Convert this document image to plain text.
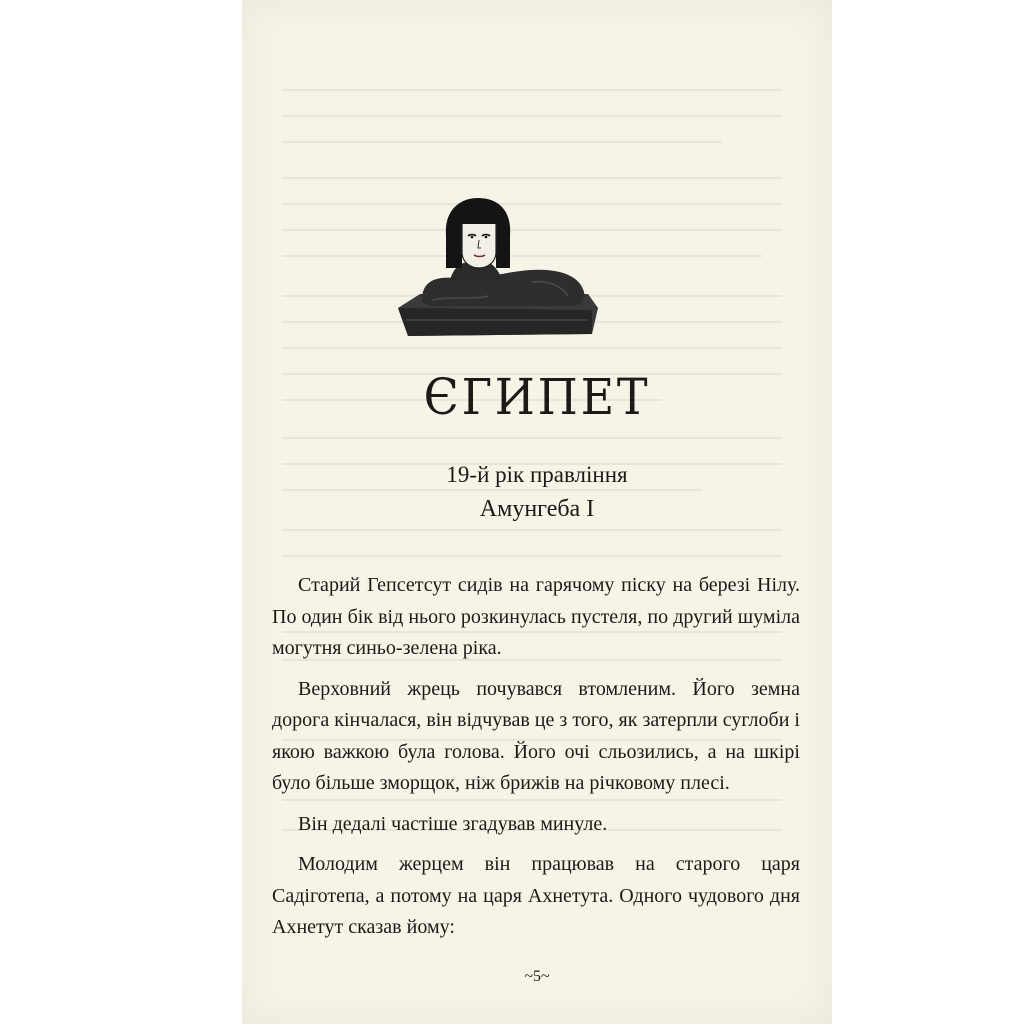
ЄГИПЕТ

19-й рік правління

Амунгеба І

Старий Гепсетсут сидів на гарячому піску на березі Нілу. По один бік від нього розкинулась пустеля, по другий шуміла могутня синьо-зелена ріка.

Верховний жрець почувався втомленим. Його земна дорога кінчалася, він відчував це з того, як затерпли суглоби і якою важкою була голова. Його очі сльозились, а на шкірі було більше зморщок, ніж брижів на річковому плесі.

Він дедалі частіше згадував минуле.

Молодим жерцем він працював на старого царя Садіготепа, а потому на царя Ахнетута. Одного чудового дня Ахнетут сказав йому:

~5~
